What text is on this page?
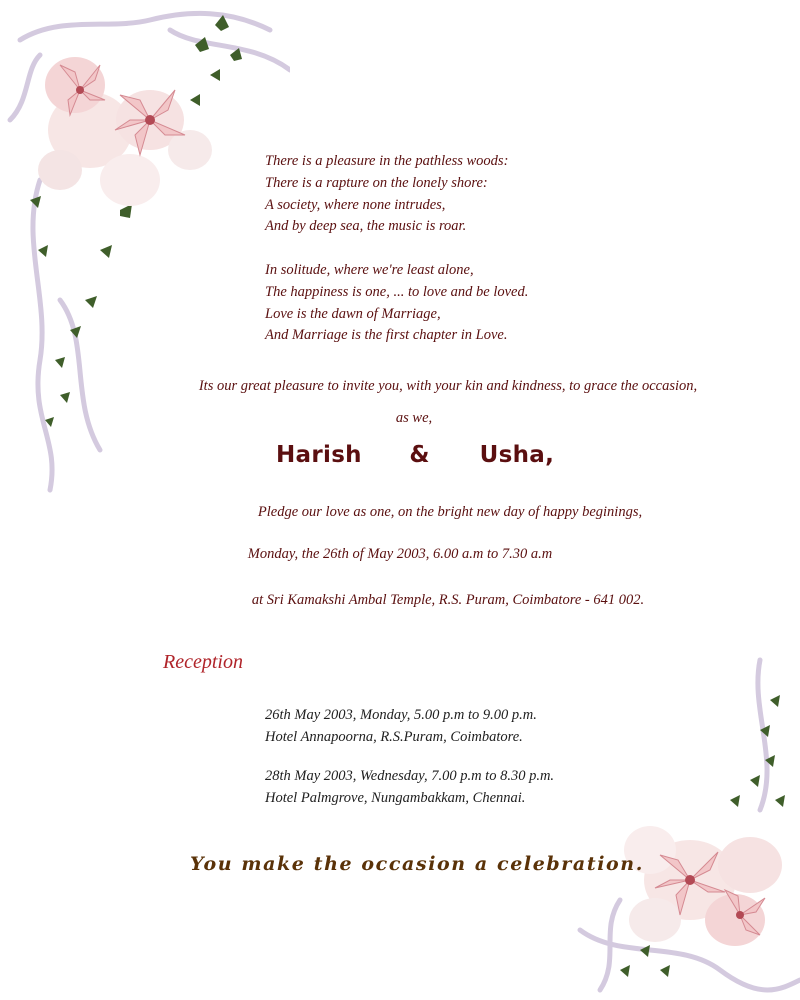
There is a pleasure in the pathless woods:
There is a rapture on the lonely shore:
A society, where none intrudes,
And by deep sea, the music is roar.
In solitude, where we're least alone,
The happiness is one, ... to love and be loved.
Love is the dawn of Marriage,
And Marriage is the first chapter in Love.
Its our great pleasure to invite you, with your kin and kindness, to grace the occasion,
as we,
Harish & Usha,
Pledge our love as one, on the bright new day of happy beginings,
Monday, the 26th of May 2003, 6.00 a.m to 7.30 a.m
at Sri Kamakshi Ambal Temple, R.S. Puram, Coimbatore - 641 002.
Reception
26th May 2003, Monday, 5.00 p.m to 9.00 p.m.
Hotel Annapoorna, R.S.Puram, Coimbatore.
28th May 2003, Wednesday, 7.00 p.m to 8.30 p.m.
Hotel Palmgrove, Nungambakkam, Chennai.
You make the occasion a celebration.
